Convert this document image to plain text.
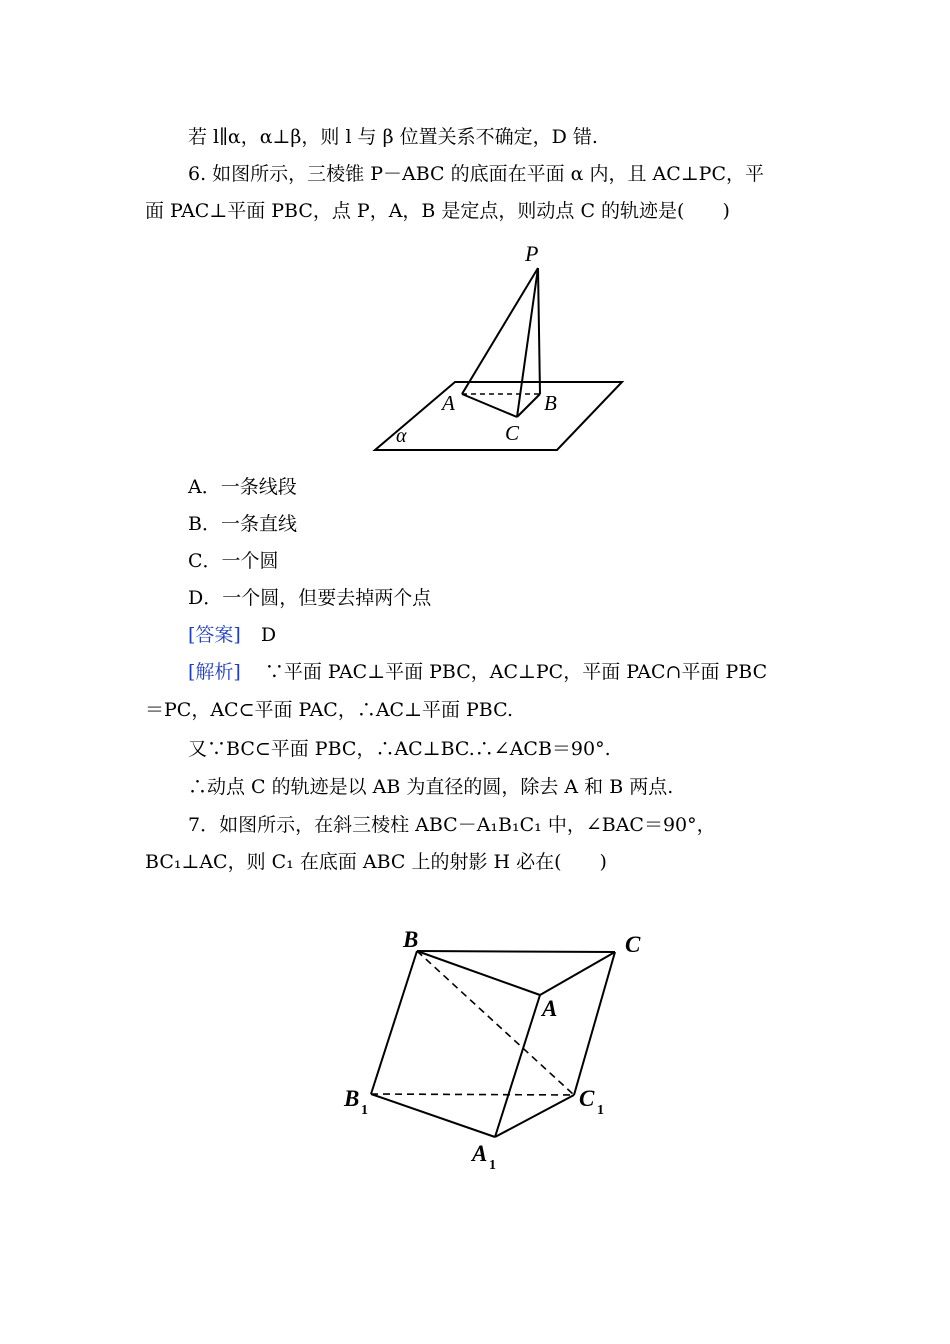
若 l∥α，α⊥β，则 l 与 β 位置关系不确定，D 错.
6. 如图所示，三棱锥 P－ABC 的底面在平面 α 内，且 AC⊥PC，平
面 PAC⊥平面 PBC，点 P，A，B 是定点，则动点 C 的轨迹是(　　)
P
A	B
C
α
A．一条线段
B．一条直线
C．一个圆
D．一个圆，但要去掉两个点
[答案] D
[解析] ∵平面 PAC⊥平面 PBC，AC⊥PC，平面 PAC∩平面 PBC
＝PC，AC⊂平面 PAC，∴AC⊥平面 PBC.
又∵BC⊂平面 PBC，∴AC⊥BC.∴∠ACB＝90°.
∴动点 C 的轨迹是以 AB 为直径的圆，除去 A 和 B 两点.
7．如图所示，在斜三棱柱 ABC－A₁B₁C₁ 中，∠BAC＝90°，
BC₁⊥AC，则 C₁ 在底面 ABC 上的射影 H 必在(　　)
B	C
A
B 1	C 1
A 1
